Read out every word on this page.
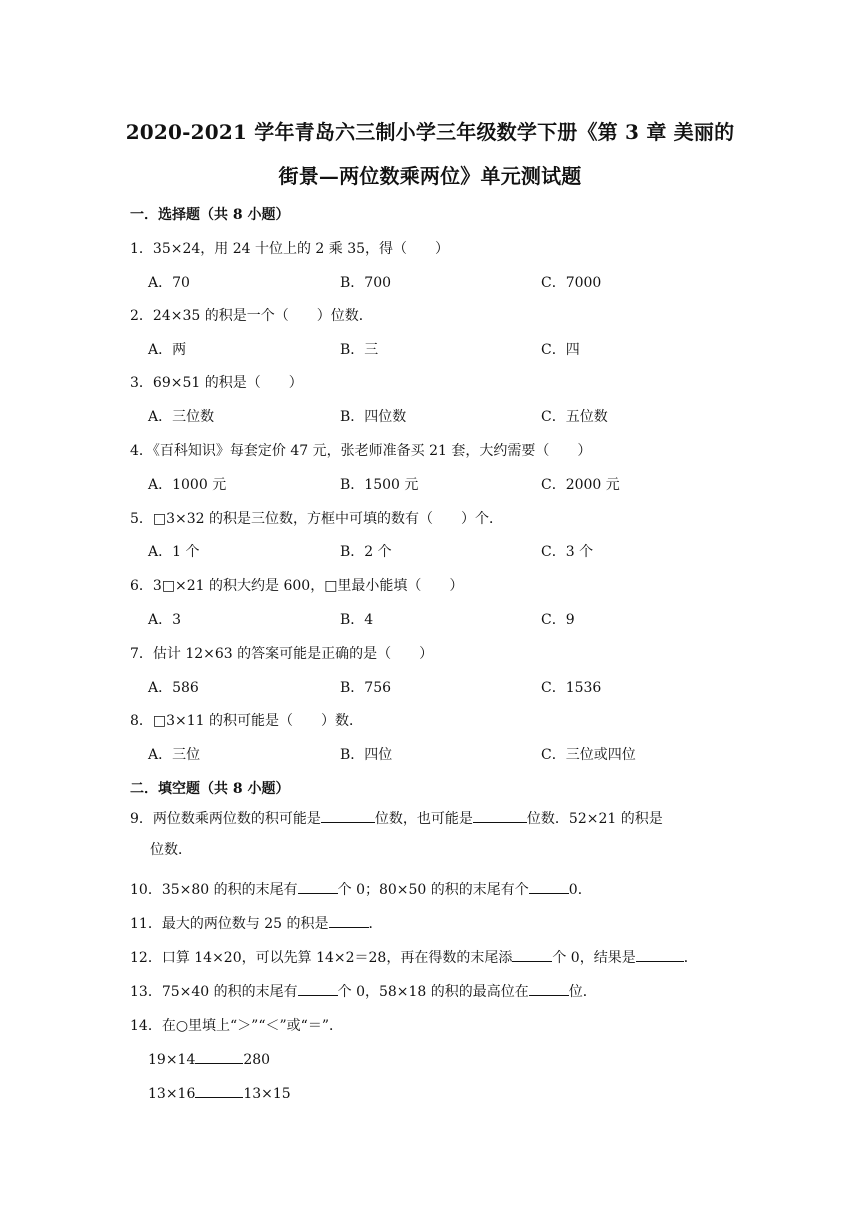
2020-2021 学年青岛六三制小学三年级数学下册《第 3 章 美丽的
街景—两位数乘两位》单元测试题
一．选择题（共 8 小题）
1．35×24，用 24 十位上的 2 乘 35，得（　　）
A．70	B．700	C．7000
2．24×35 的积是一个（　　）位数．
A．两	B．三	C．四
3．69×51 的积是（　　）
A．三位数	B．四位数	C．五位数
4．《百科知识》每套定价 47 元，张老师准备买 21 套，大约需要（　　）
A．1000 元	B．1500 元	C．2000 元
5．□3×32 的积是三位数，方框中可填的数有（　　）个．
A．1 个	B．2 个	C．3 个
6．3□×21 的积大约是 600，□里最小能填（　　）
A．3	B．4	C．9
7．估计 12×63 的答案可能是正确的是（　　）
A．586	B．756	C．1536
8．□3×11 的积可能是（　　）数．
A．三位	B．四位	C．三位或四位
二．填空题（共 8 小题）
9．两位数乘两位数的积可能是	位数，也可能是	位数．52×21 的积是
位数．
10．35×80 的积的末尾有	个 0；80×50 的积的末尾有个	0．
11．最大的两位数与 25 的积是	．
12．口算 14×20，可以先算 14×2＝28，再在得数的末尾添	个 0，结果是	．
13．75×40 的积的末尾有	个 0，58×18 的积的最高位在	位．
14．在○里填上“＞”“＜”或“＝”．
19×14	280
13×16	13×15
